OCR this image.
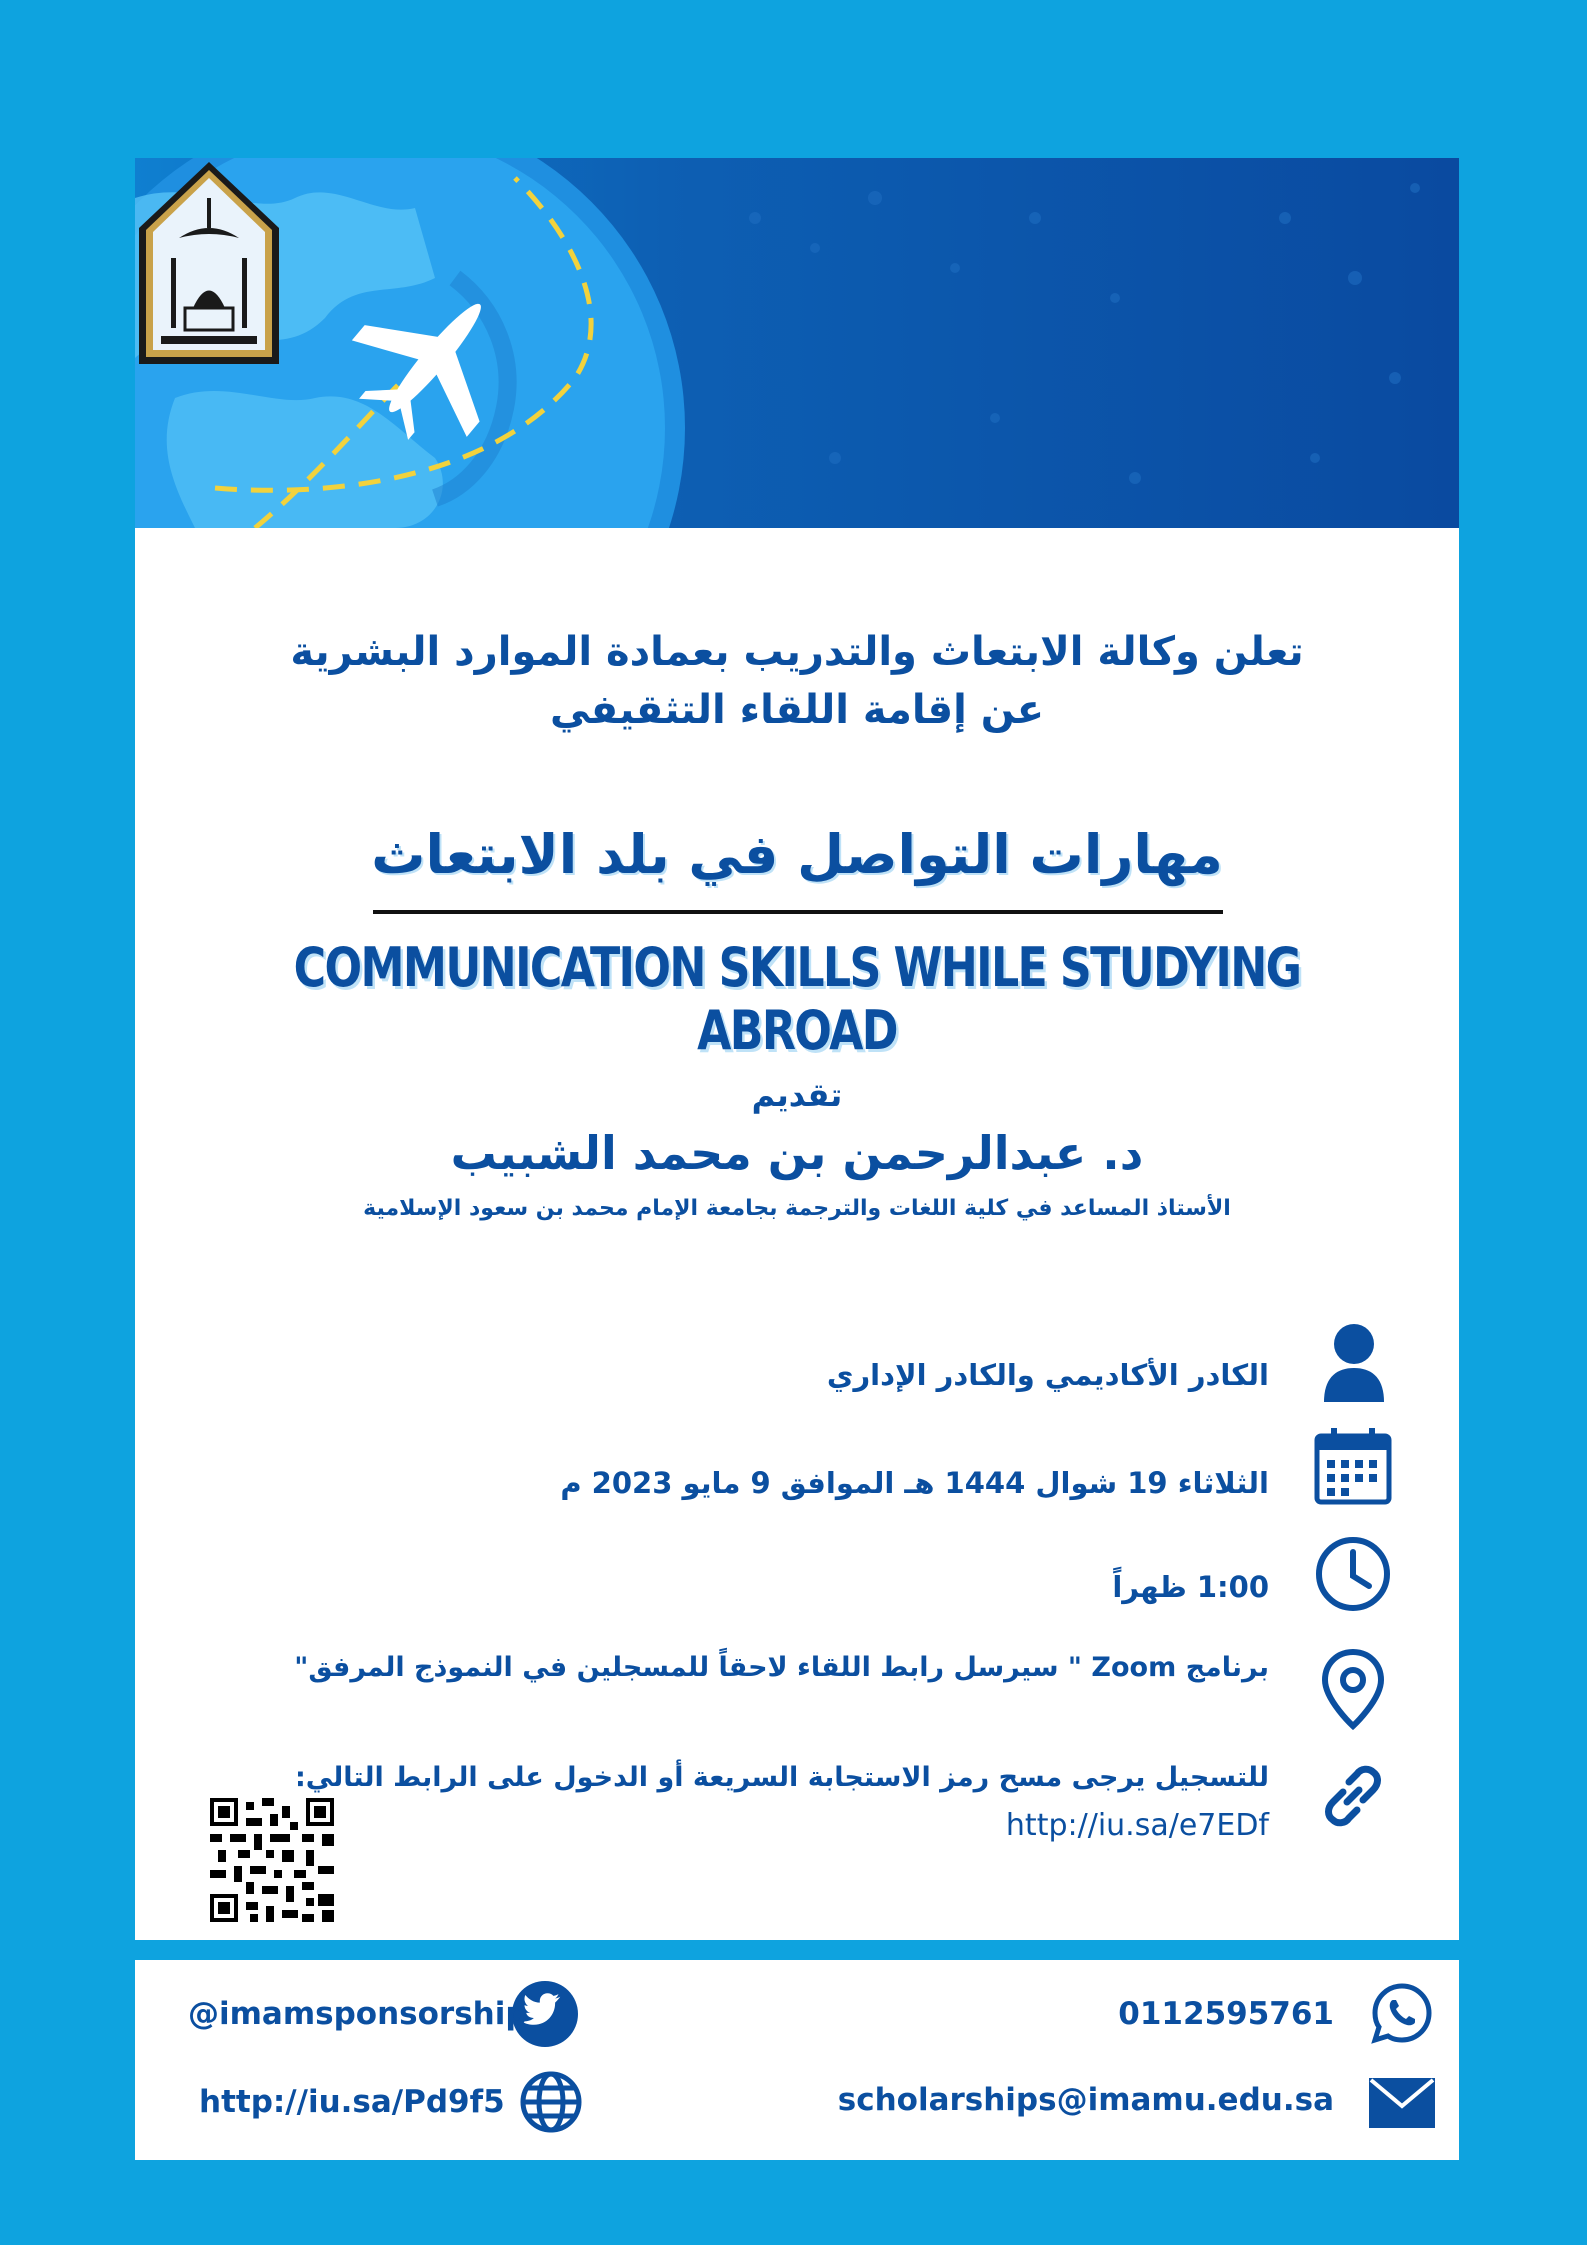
تعلن وكالة الابتعاث والتدريب بعمادة الموارد البشرية
عن إقامة اللقاء التثقيفي
مهارات التواصل في بلد الابتعاث
COMMUNICATION SKILLS WHILE STUDYING ABROAD
تقديم
د. عبدالرحمن بن محمد الشبيب
الأستاذ المساعد في كلية اللغات والترجمة بجامعة الإمام محمد بن سعود الإسلامية
الكادر الأكاديمي والكادر الإداري
الثلاثاء 19 شوال 1444 هـ الموافق 9 مايو 2023 م
1:00 ظهراً
برنامج Zoom " سيرسل رابط اللقاء لاحقاً للمسجلين في النموذج المرفق"
للتسجيل يرجى مسح رمز الاستجابة السريعة أو الدخول على الرابط التالي:
http://iu.sa/e7EDf
@imamsponsorship	0112595761
http://iu.sa/Pd9f5	scholarships@imamu.edu.sa
